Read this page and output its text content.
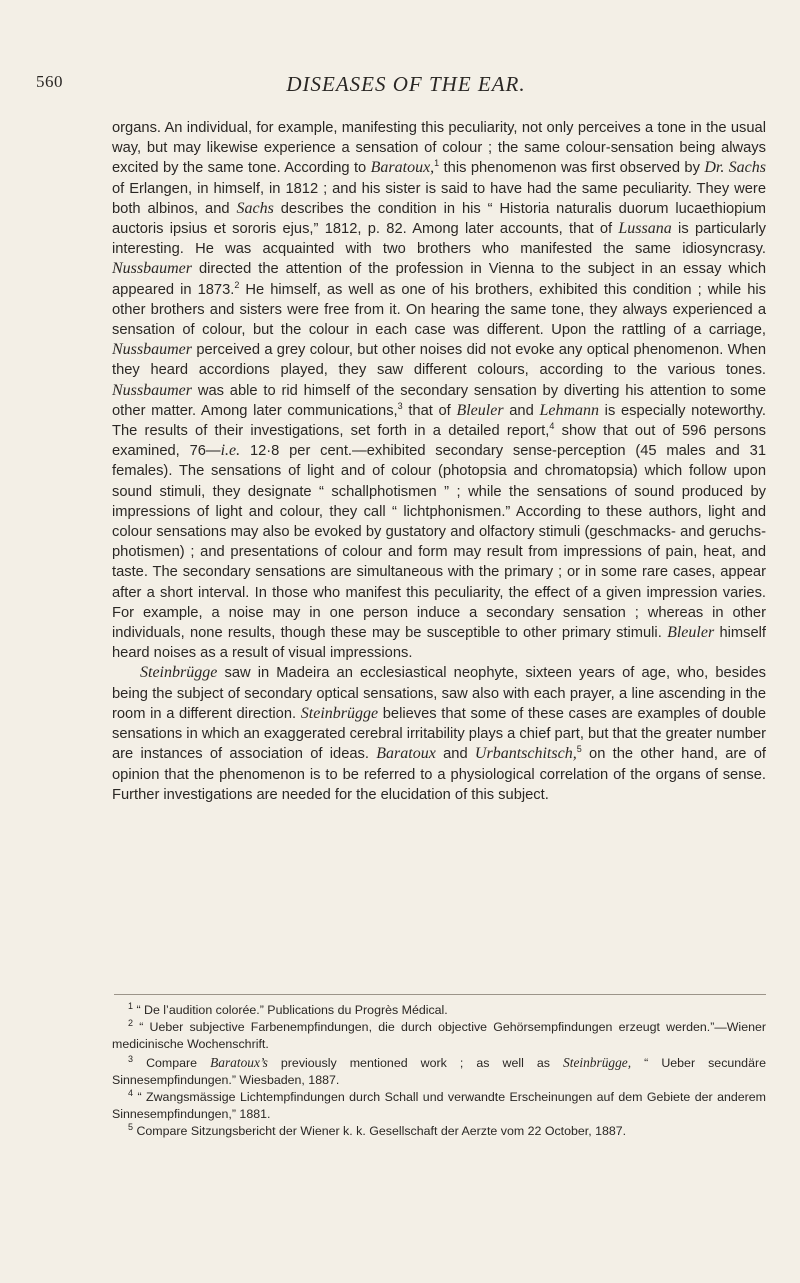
560	DISEASES OF THE EAR.

organs. An individual, for example, manifesting this peculiarity, not only perceives a tone in the usual way, but may likewise experience a sensation of colour ; the same colour-sensation being always excited by the same tone. According to Baratoux,$^1$ this phenomenon was first observed by Dr. Sachs of Erlangen, in himself, in 1812 ; and his sister is said to have had the same peculiarity. They were both albinos, and Sachs describes the condition in his “ Historia naturalis duorum lucaethiopium auctoris ipsius et sororis ejus,” 1812, p. 82. Among later accounts, that of Lussana is particularly interesting. He was acquainted with two brothers who manifested the same idiosyncrasy. Nussbaumer directed the attention of the profession in Vienna to the subject in an essay which appeared in 1873.$^2$ He himself, as well as one of his brothers, exhibited this condition ; while his other brothers and sisters were free from it. On hearing the same tone, they always experienced a sensation of colour, but the colour in each case was different. Upon the rattling of a carriage, Nussbaumer perceived a grey colour, but other noises did not evoke any optical phenomenon. When they heard accordions played, they saw different colours, according to the various tones. Nussbaumer was able to rid himself of the secondary sensation by diverting his attention to some other matter. Among later communications,$^3$ that of Bleuler and Lehmann is especially noteworthy. The results of their investigations, set forth in a detailed report,$^4$ show that out of 596 persons examined, 76—i.e. 12·8 per cent.—exhibited secondary sense-perception (45 males and 31 females). The sensations of light and of colour (photopsia and chromatopsia) which follow upon sound stimuli, they designate “ schallphotismen ” ; while the sensations of sound produced by impressions of light and colour, they call “ lichtphonismen.” According to these authors, light and colour sensations may also be evoked by gustatory and olfactory stimuli (geschmacks- and geruchs-photismen) ; and presentations of colour and form may result from impressions of pain, heat, and taste. The secondary sensations are simultaneous with the primary ; or in some rare cases, appear after a short interval. In those who manifest this peculiarity, the effect of a given impression varies. For example, a noise may in one person induce a secondary sensation ; whereas in other individuals, none results, though these may be susceptible to other primary stimuli. Bleuler himself heard noises as a result of visual impressions.

Steinbrügge saw in Madeira an ecclesiastical neophyte, sixteen years of age, who, besides being the subject of secondary optical sensations, saw also with each prayer, a line ascending in the room in a different direction. Steinbrügge believes that some of these cases are examples of double sensations in which an exaggerated cerebral irritability plays a chief part, but that the greater number are instances of association of ideas. Baratoux and Urbantschitsch,$^5$ on the other hand, are of opinion that the phenomenon is to be referred to a physiological correlation of the organs of sense. Further investigations are needed for the elucidation of this subject.

$^1$ “ De l’audition colorée.” Publications du Progrès Médical.

$^2$ “ Ueber subjective Farbenempfindungen, die durch objective Gehörsempfindungen erzeugt werden.”—Wiener medicinische Wochenschrift.

$^3$ Compare Baratoux’s previously mentioned work ; as well as Steinbrügge, “ Ueber secundäre Sinnesempfindungen.” Wiesbaden, 1887.

$^4$ “ Zwangsmässige Lichtempfindungen durch Schall und verwandte Erscheinungen auf dem Gebiete der anderem Sinnesempfindungen,” 1881.

$^5$ Compare Sitzungsbericht der Wiener k. k. Gesellschaft der Aerzte vom 22 October, 1887.
